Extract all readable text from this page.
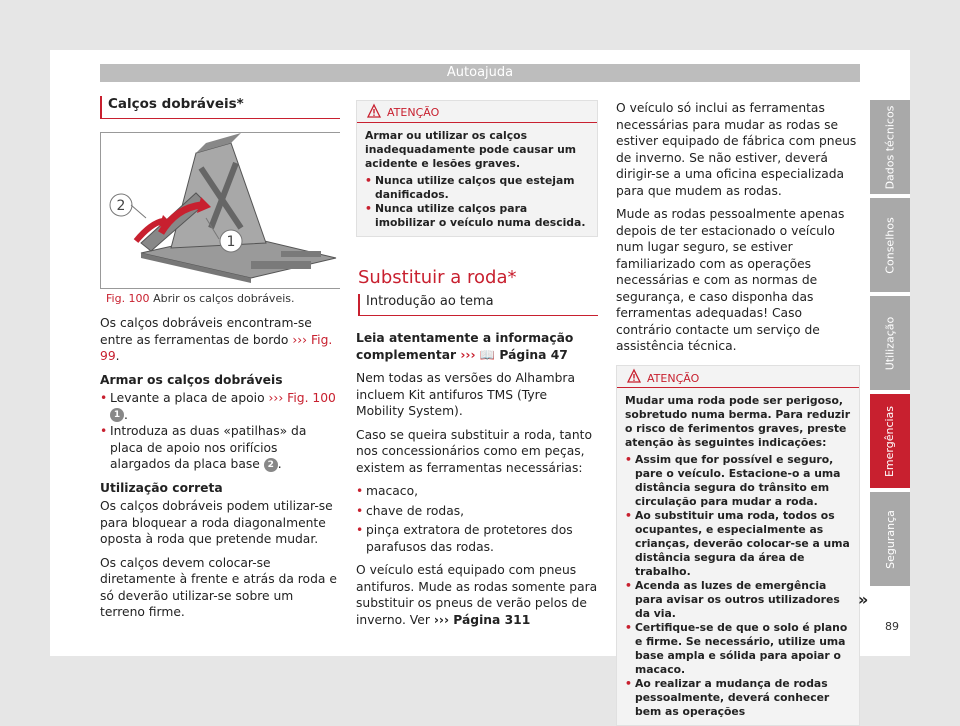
Autoajuda
Calços dobráveis*
2
1
Fig. 100 Abrir os calços dobráveis.

Os calços dobráveis encontram-se entre as ferramentas de bordo ››› Fig. 99.

Armar os calços dobráveis

• Levante a placa de apoio ››› Fig. 100 1 .
• Introduza as duas «patilhas» da placa de apoio nos orifícios alargados da placa base 2 .

Utilização correta

Os calços dobráveis podem utilizar-se para bloquear a roda diagonalmente oposta à roda que pretende mudar.

Os calços devem colocar-se diretamente à frente e atrás da roda e só deverão utilizar-se sobre um terreno firme.

ATENÇÃO

Armar ou utilizar os calços inadequadamente pode causar um acidente e lesões graves.

• Nunca utilize calços que estejam danificados.
• Nunca utilize calços para imobilizar o veículo numa descida.
Substituir a roda*
Introdução ao tema

Leia atentamente a informação complementar ››› 📖 Página 47

Nem todas as versões do Alhambra incluem Kit antifuros TMS (Tyre Mobility System).

Caso se queira substituir a roda, tanto nos concessionários como em peças, existem as ferramentas necessárias:

• macaco,
• chave de rodas,
• pinça extratora de protetores dos parafusos das rodas.

O veículo está equipado com pneus antifuros. Mude as rodas somente para substituir os pneus de verão pelos de inverno. Ver ››› Página 311

O veículo só inclui as ferramentas necessárias para mudar as rodas se estiver equipado de fábrica com pneus de inverno. Se não estiver, deverá dirigir-se a uma oficina especializada para que mudem as rodas.

Mude as rodas pessoalmente apenas depois de ter estacionado o veículo num lugar seguro, se estiver familiarizado com as operações necessárias e com as normas de segurança, e caso disponha das ferramentas adequadas! Caso contrário contacte um serviço de assistência técnica.

ATENÇÃO

Mudar uma roda pode ser perigoso, sobretudo numa berma. Para reduzir o risco de ferimentos graves, preste atenção às seguintes indicações:

• Assim que for possível e seguro, pare o veículo. Estacione-o a uma distância segura do trânsito em circulação para mudar a roda.
• Ao substituir uma roda, todos os ocupantes, e especialmente as crianças, deverão colocar-se a uma distância segura da área de trabalho.
• Acenda as luzes de emergência para avisar os outros utilizadores da via.
• Certifique-se de que o solo é plano e firme. Se necessário, utilize uma base ampla e sólida para apoiar o macaco.
• Ao realizar a mudança de rodas pessoalmente, deverá conhecer bem as operações
»
Dados técnicos
Conselhos
Utilização
Emergências
Segurança
89
